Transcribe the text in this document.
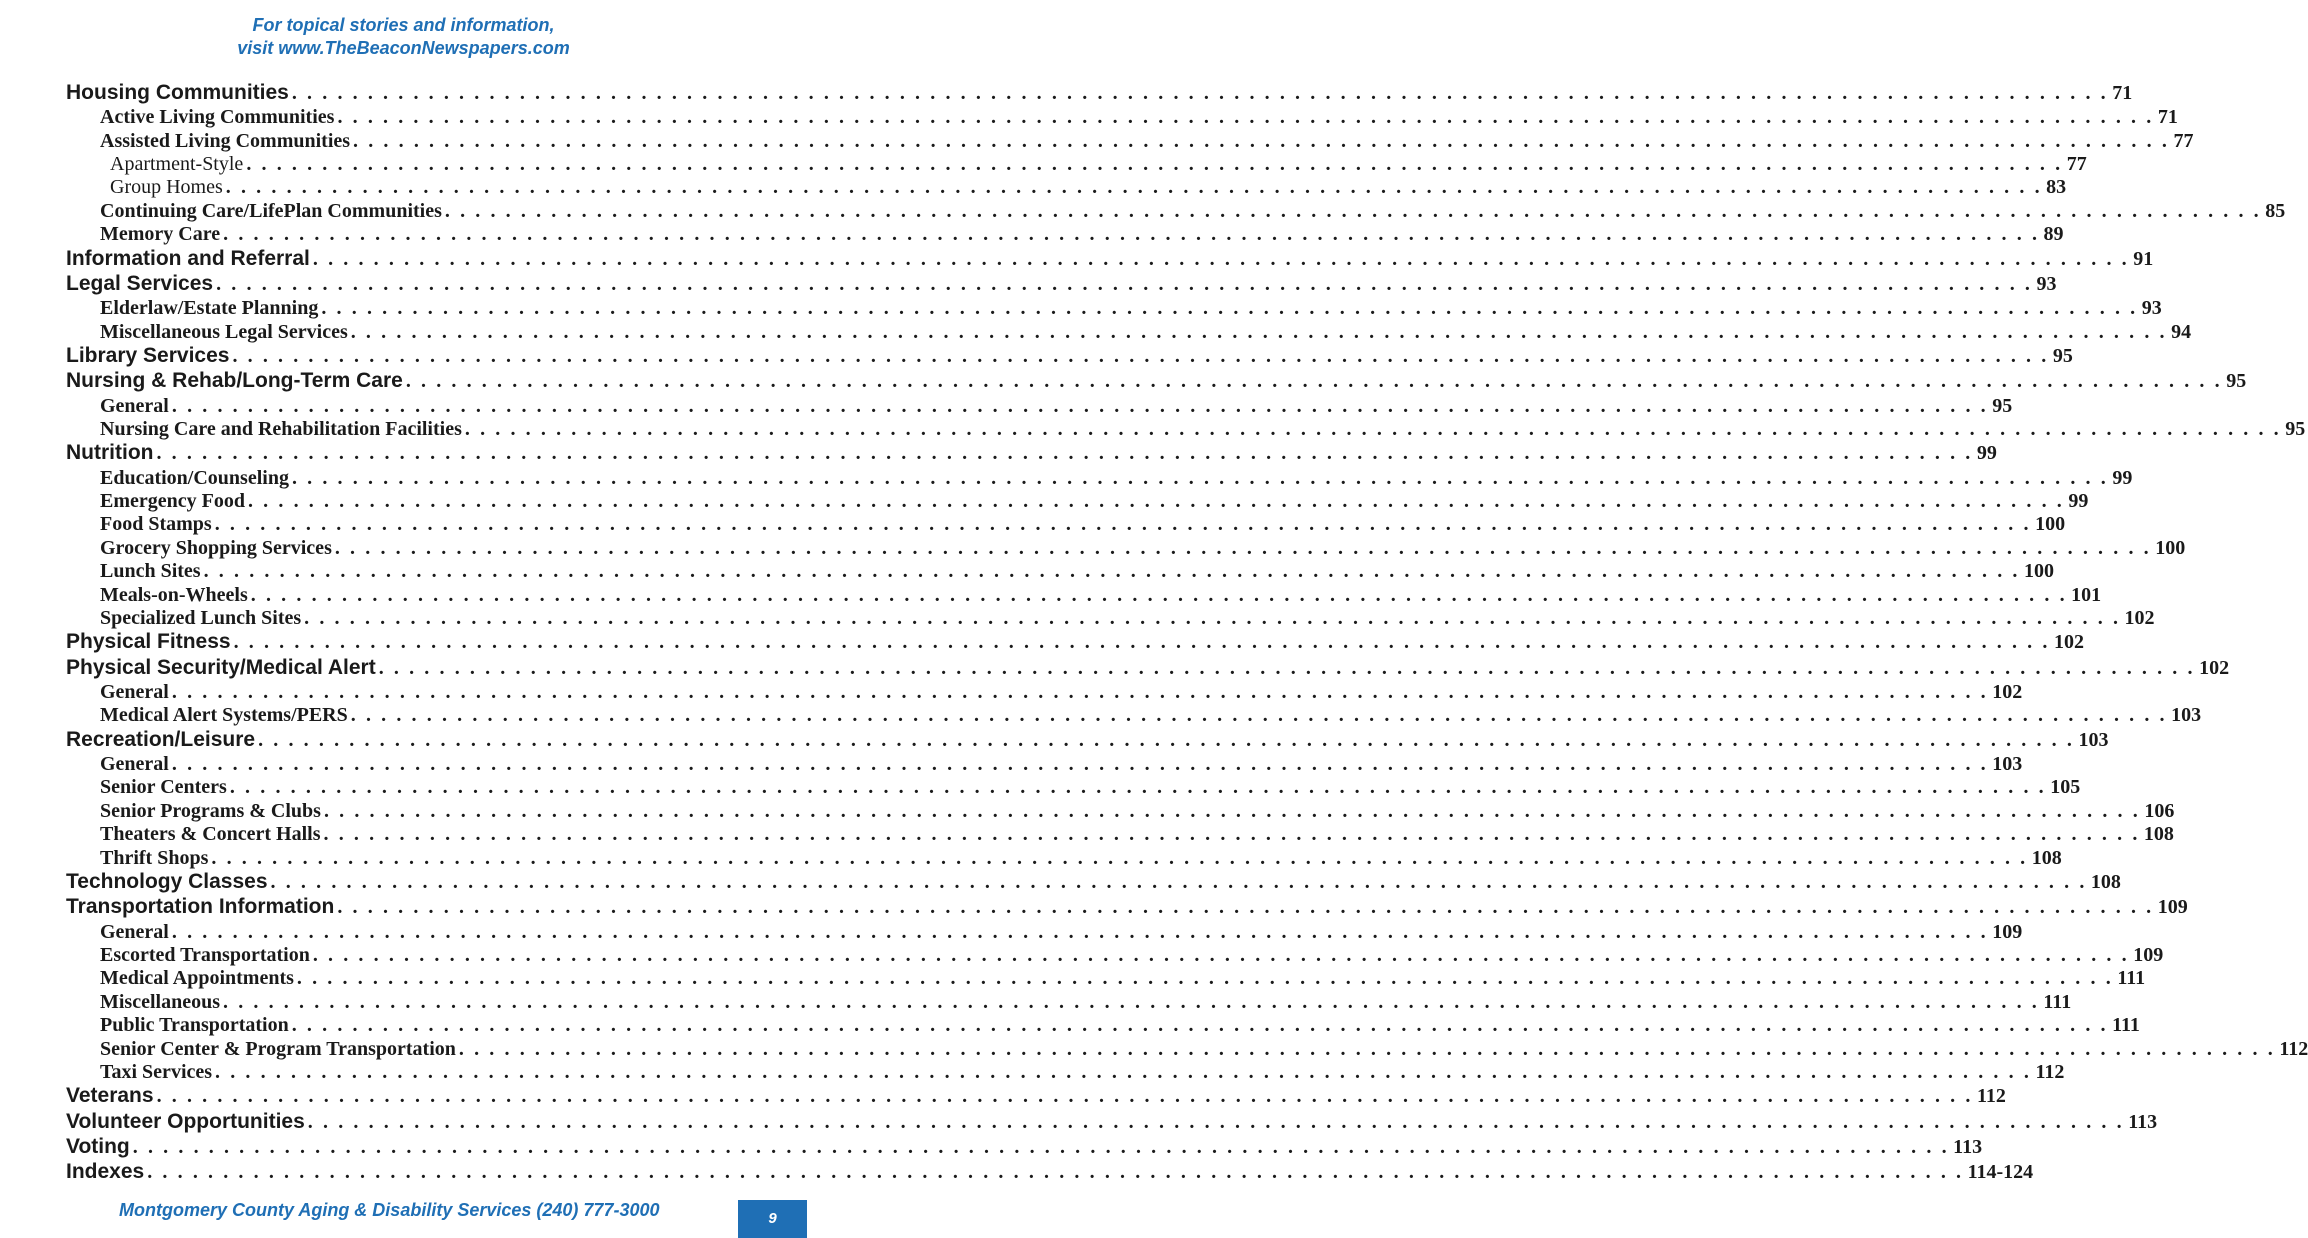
For topical stories and information,
visit www.TheBeaconNewspapers.com
Housing Communities . . . . . . . . . . . . . . . . . . . . . . . . . . . . . . . . . . . . . . . . . . . . . . . . . . . . . . . . . . . . . . . . . . . . . . . . . . . . . . . . . . . . . . . . . . . . . . . . . . . . . . . . . . . . . . . . . . . . . . . . 71
Active Living Communities . . . . . . . . . . . . . . . . . . . . . . . . . . . . . . . . . . . . . . . . . . . . . . . . . . . . . . . . . . . . . . . . . . . . . . . . . . . . . . . . . . . . . . . . . . . . . . . . . . . . . . . . . . . . . . . . . . . . . . . . 71
Assisted Living Communities . . . . . . . . . . . . . . . . . . . . . . . . . . . . . . . . . . . . . . . . . . . . . . . . . . . . . . . . . . . . . . . . . . . . . . . . . . . . . . . . . . . . . . . . . . . . . . . . . . . . . . . . . . . . . . . . . . . . . . . . 77
Apartment-Style . . . . . . . . . . . . . . . . . . . . . . . . . . . . . . . . . . . . . . . . . . . . . . . . . . . . . . . . . . . . . . . . . . . . . . . . . . . . . . . . . . . . . . . . . . . . . . . . . . . . . . . . . . . . . . . . . . . . . . . . 77
Group Homes . . . . . . . . . . . . . . . . . . . . . . . . . . . . . . . . . . . . . . . . . . . . . . . . . . . . . . . . . . . . . . . . . . . . . . . . . . . . . . . . . . . . . . . . . . . . . . . . . . . . . . . . . . . . . . . . . . . . . . . . 83
Continuing Care/LifePlan Communities . . . . . . . . . . . . . . . . . . . . . . . . . . . . . . . . . . . . . . . . . . . . . . . . . . . . . . . . . . . . . . . . . . . . . . . . . . . . . . . . . . . . . . . . . . . . . . . . . . . . . . . . . . . . . . . . . . . . . . . . 85
Memory Care . . . . . . . . . . . . . . . . . . . . . . . . . . . . . . . . . . . . . . . . . . . . . . . . . . . . . . . . . . . . . . . . . . . . . . . . . . . . . . . . . . . . . . . . . . . . . . . . . . . . . . . . . . . . . . . . . . . . . . . . 89
Information and Referral . . . . . . . . . . . . . . . . . . . . . . . . . . . . . . . . . . . . . . . . . . . . . . . . . . . . . . . . . . . . . . . . . . . . . . . . . . . . . . . . . . . . . . . . . . . . . . . . . . . . . . . . . . . . . . . . . . . . . . . . 91
Legal Services . . . . . . . . . . . . . . . . . . . . . . . . . . . . . . . . . . . . . . . . . . . . . . . . . . . . . . . . . . . . . . . . . . . . . . . . . . . . . . . . . . . . . . . . . . . . . . . . . . . . . . . . . . . . . . . . . . . . . . . . 93
Elderlaw/Estate Planning . . . . . . . . . . . . . . . . . . . . . . . . . . . . . . . . . . . . . . . . . . . . . . . . . . . . . . . . . . . . . . . . . . . . . . . . . . . . . . . . . . . . . . . . . . . . . . . . . . . . . . . . . . . . . . . . . . . . . . . . 93
Miscellaneous Legal Services . . . . . . . . . . . . . . . . . . . . . . . . . . . . . . . . . . . . . . . . . . . . . . . . . . . . . . . . . . . . . . . . . . . . . . . . . . . . . . . . . . . . . . . . . . . . . . . . . . . . . . . . . . . . . . . . . . . . . . . . 94
Library Services . . . . . . . . . . . . . . . . . . . . . . . . . . . . . . . . . . . . . . . . . . . . . . . . . . . . . . . . . . . . . . . . . . . . . . . . . . . . . . . . . . . . . . . . . . . . . . . . . . . . . . . . . . . . . . . . . . . . . . . . 95
Nursing & Rehab/Long-Term Care . . . . . . . . . . . . . . . . . . . . . . . . . . . . . . . . . . . . . . . . . . . . . . . . . . . . . . . . . . . . . . . . . . . . . . . . . . . . . . . . . . . . . . . . . . . . . . . . . . . . . . . . . . . . . . . . . . . . . . . . 95
General . . . . . . . . . . . . . . . . . . . . . . . . . . . . . . . . . . . . . . . . . . . . . . . . . . . . . . . . . . . . . . . . . . . . . . . . . . . . . . . . . . . . . . . . . . . . . . . . . . . . . . . . . . . . . . . . . . . . . . . . 95
Nursing Care and Rehabilitation Facilities . . . . . . . . . . . . . . . . . . . . . . . . . . . . . . . . . . . . . . . . . . . . . . . . . . . . . . . . . . . . . . . . . . . . . . . . . . . . . . . . . . . . . . . . . . . . . . . . . . . . . . . . . . . . . . . . . . . . . . . . 95
Nutrition . . . . . . . . . . . . . . . . . . . . . . . . . . . . . . . . . . . . . . . . . . . . . . . . . . . . . . . . . . . . . . . . . . . . . . . . . . . . . . . . . . . . . . . . . . . . . . . . . . . . . . . . . . . . . . . . . . . . . . . . 99
Education/Counseling . . . . . . . . . . . . . . . . . . . . . . . . . . . . . . . . . . . . . . . . . . . . . . . . . . . . . . . . . . . . . . . . . . . . . . . . . . . . . . . . . . . . . . . . . . . . . . . . . . . . . . . . . . . . . . . . . . . . . . . . 99
Emergency Food . . . . . . . . . . . . . . . . . . . . . . . . . . . . . . . . . . . . . . . . . . . . . . . . . . . . . . . . . . . . . . . . . . . . . . . . . . . . . . . . . . . . . . . . . . . . . . . . . . . . . . . . . . . . . . . . . . . . . . . . 99
Food Stamps . . . . . . . . . . . . . . . . . . . . . . . . . . . . . . . . . . . . . . . . . . . . . . . . . . . . . . . . . . . . . . . . . . . . . . . . . . . . . . . . . . . . . . . . . . . . . . . . . . . . . . . . . . . . . . . . . . . . . . . . 100
Grocery Shopping Services . . . . . . . . . . . . . . . . . . . . . . . . . . . . . . . . . . . . . . . . . . . . . . . . . . . . . . . . . . . . . . . . . . . . . . . . . . . . . . . . . . . . . . . . . . . . . . . . . . . . . . . . . . . . . . . . . . . . . . . . 100
Lunch Sites . . . . . . . . . . . . . . . . . . . . . . . . . . . . . . . . . . . . . . . . . . . . . . . . . . . . . . . . . . . . . . . . . . . . . . . . . . . . . . . . . . . . . . . . . . . . . . . . . . . . . . . . . . . . . . . . . . . . . . . . 100
Meals-on-Wheels . . . . . . . . . . . . . . . . . . . . . . . . . . . . . . . . . . . . . . . . . . . . . . . . . . . . . . . . . . . . . . . . . . . . . . . . . . . . . . . . . . . . . . . . . . . . . . . . . . . . . . . . . . . . . . . . . . . . . . . . 101
Specialized Lunch Sites . . . . . . . . . . . . . . . . . . . . . . . . . . . . . . . . . . . . . . . . . . . . . . . . . . . . . . . . . . . . . . . . . . . . . . . . . . . . . . . . . . . . . . . . . . . . . . . . . . . . . . . . . . . . . . . . . . . . . . . . 102
Physical Fitness . . . . . . . . . . . . . . . . . . . . . . . . . . . . . . . . . . . . . . . . . . . . . . . . . . . . . . . . . . . . . . . . . . . . . . . . . . . . . . . . . . . . . . . . . . . . . . . . . . . . . . . . . . . . . . . . . . . . . . . . 102
Physical Security/Medical Alert . . . . . . . . . . . . . . . . . . . . . . . . . . . . . . . . . . . . . . . . . . . . . . . . . . . . . . . . . . . . . . . . . . . . . . . . . . . . . . . . . . . . . . . . . . . . . . . . . . . . . . . . . . . . . . . . . . . . . . . . 102
General . . . . . . . . . . . . . . . . . . . . . . . . . . . . . . . . . . . . . . . . . . . . . . . . . . . . . . . . . . . . . . . . . . . . . . . . . . . . . . . . . . . . . . . . . . . . . . . . . . . . . . . . . . . . . . . . . . . . . . . . 102
Medical Alert Systems/PERS . . . . . . . . . . . . . . . . . . . . . . . . . . . . . . . . . . . . . . . . . . . . . . . . . . . . . . . . . . . . . . . . . . . . . . . . . . . . . . . . . . . . . . . . . . . . . . . . . . . . . . . . . . . . . . . . . . . . . . . . 103
Recreation/Leisure . . . . . . . . . . . . . . . . . . . . . . . . . . . . . . . . . . . . . . . . . . . . . . . . . . . . . . . . . . . . . . . . . . . . . . . . . . . . . . . . . . . . . . . . . . . . . . . . . . . . . . . . . . . . . . . . . . . . . . . . 103
General . . . . . . . . . . . . . . . . . . . . . . . . . . . . . . . . . . . . . . . . . . . . . . . . . . . . . . . . . . . . . . . . . . . . . . . . . . . . . . . . . . . . . . . . . . . . . . . . . . . . . . . . . . . . . . . . . . . . . . . . 103
Senior Centers . . . . . . . . . . . . . . . . . . . . . . . . . . . . . . . . . . . . . . . . . . . . . . . . . . . . . . . . . . . . . . . . . . . . . . . . . . . . . . . . . . . . . . . . . . . . . . . . . . . . . . . . . . . . . . . . . . . . . . . . 105
Senior Programs & Clubs . . . . . . . . . . . . . . . . . . . . . . . . . . . . . . . . . . . . . . . . . . . . . . . . . . . . . . . . . . . . . . . . . . . . . . . . . . . . . . . . . . . . . . . . . . . . . . . . . . . . . . . . . . . . . . . . . . . . . . . . 106
Theaters & Concert Halls . . . . . . . . . . . . . . . . . . . . . . . . . . . . . . . . . . . . . . . . . . . . . . . . . . . . . . . . . . . . . . . . . . . . . . . . . . . . . . . . . . . . . . . . . . . . . . . . . . . . . . . . . . . . . . . . . . . . . . . . 108
Thrift Shops . . . . . . . . . . . . . . . . . . . . . . . . . . . . . . . . . . . . . . . . . . . . . . . . . . . . . . . . . . . . . . . . . . . . . . . . . . . . . . . . . . . . . . . . . . . . . . . . . . . . . . . . . . . . . . . . . . . . . . . . 108
Technology Classes . . . . . . . . . . . . . . . . . . . . . . . . . . . . . . . . . . . . . . . . . . . . . . . . . . . . . . . . . . . . . . . . . . . . . . . . . . . . . . . . . . . . . . . . . . . . . . . . . . . . . . . . . . . . . . . . . . . . . . . . 108
Transportation Information . . . . . . . . . . . . . . . . . . . . . . . . . . . . . . . . . . . . . . . . . . . . . . . . . . . . . . . . . . . . . . . . . . . . . . . . . . . . . . . . . . . . . . . . . . . . . . . . . . . . . . . . . . . . . . . . . . . . . . . . 109
General . . . . . . . . . . . . . . . . . . . . . . . . . . . . . . . . . . . . . . . . . . . . . . . . . . . . . . . . . . . . . . . . . . . . . . . . . . . . . . . . . . . . . . . . . . . . . . . . . . . . . . . . . . . . . . . . . . . . . . . . 109
Escorted Transportation . . . . . . . . . . . . . . . . . . . . . . . . . . . . . . . . . . . . . . . . . . . . . . . . . . . . . . . . . . . . . . . . . . . . . . . . . . . . . . . . . . . . . . . . . . . . . . . . . . . . . . . . . . . . . . . . . . . . . . . . 109
Medical Appointments . . . . . . . . . . . . . . . . . . . . . . . . . . . . . . . . . . . . . . . . . . . . . . . . . . . . . . . . . . . . . . . . . . . . . . . . . . . . . . . . . . . . . . . . . . . . . . . . . . . . . . . . . . . . . . . . . . . . . . . . 111
Miscellaneous . . . . . . . . . . . . . . . . . . . . . . . . . . . . . . . . . . . . . . . . . . . . . . . . . . . . . . . . . . . . . . . . . . . . . . . . . . . . . . . . . . . . . . . . . . . . . . . . . . . . . . . . . . . . . . . . . . . . . . . . 111
Public Transportation . . . . . . . . . . . . . . . . . . . . . . . . . . . . . . . . . . . . . . . . . . . . . . . . . . . . . . . . . . . . . . . . . . . . . . . . . . . . . . . . . . . . . . . . . . . . . . . . . . . . . . . . . . . . . . . . . . . . . . . . 111
Senior Center & Program Transportation . . . . . . . . . . . . . . . . . . . . . . . . . . . . . . . . . . . . . . . . . . . . . . . . . . . . . . . . . . . . . . . . . . . . . . . . . . . . . . . . . . . . . . . . . . . . . . . . . . . . . . . . . . . . . . . . . . . . . . . . 112
Taxi Services . . . . . . . . . . . . . . . . . . . . . . . . . . . . . . . . . . . . . . . . . . . . . . . . . . . . . . . . . . . . . . . . . . . . . . . . . . . . . . . . . . . . . . . . . . . . . . . . . . . . . . . . . . . . . . . . . . . . . . . . 112
Veterans . . . . . . . . . . . . . . . . . . . . . . . . . . . . . . . . . . . . . . . . . . . . . . . . . . . . . . . . . . . . . . . . . . . . . . . . . . . . . . . . . . . . . . . . . . . . . . . . . . . . . . . . . . . . . . . . . . . . . . . . 112
Volunteer Opportunities . . . . . . . . . . . . . . . . . . . . . . . . . . . . . . . . . . . . . . . . . . . . . . . . . . . . . . . . . . . . . . . . . . . . . . . . . . . . . . . . . . . . . . . . . . . . . . . . . . . . . . . . . . . . . . . . . . . . . . . . 113
Voting . . . . . . . . . . . . . . . . . . . . . . . . . . . . . . . . . . . . . . . . . . . . . . . . . . . . . . . . . . . . . . . . . . . . . . . . . . . . . . . . . . . . . . . . . . . . . . . . . . . . . . . . . . . . . . . . . . . . . . . . 113
Indexes . . . . . . . . . . . . . . . . . . . . . . . . . . . . . . . . . . . . . . . . . . . . . . . . . . . . . . . . . . . . . . . . . . . . . . . . . . . . . . . . . . . . . . . . . . . . . . . . . . . . . . . . . . . . . . . . . . . . . . . . 114-124
Montgomery County Aging & Disability Services (240) 777-3000	9
